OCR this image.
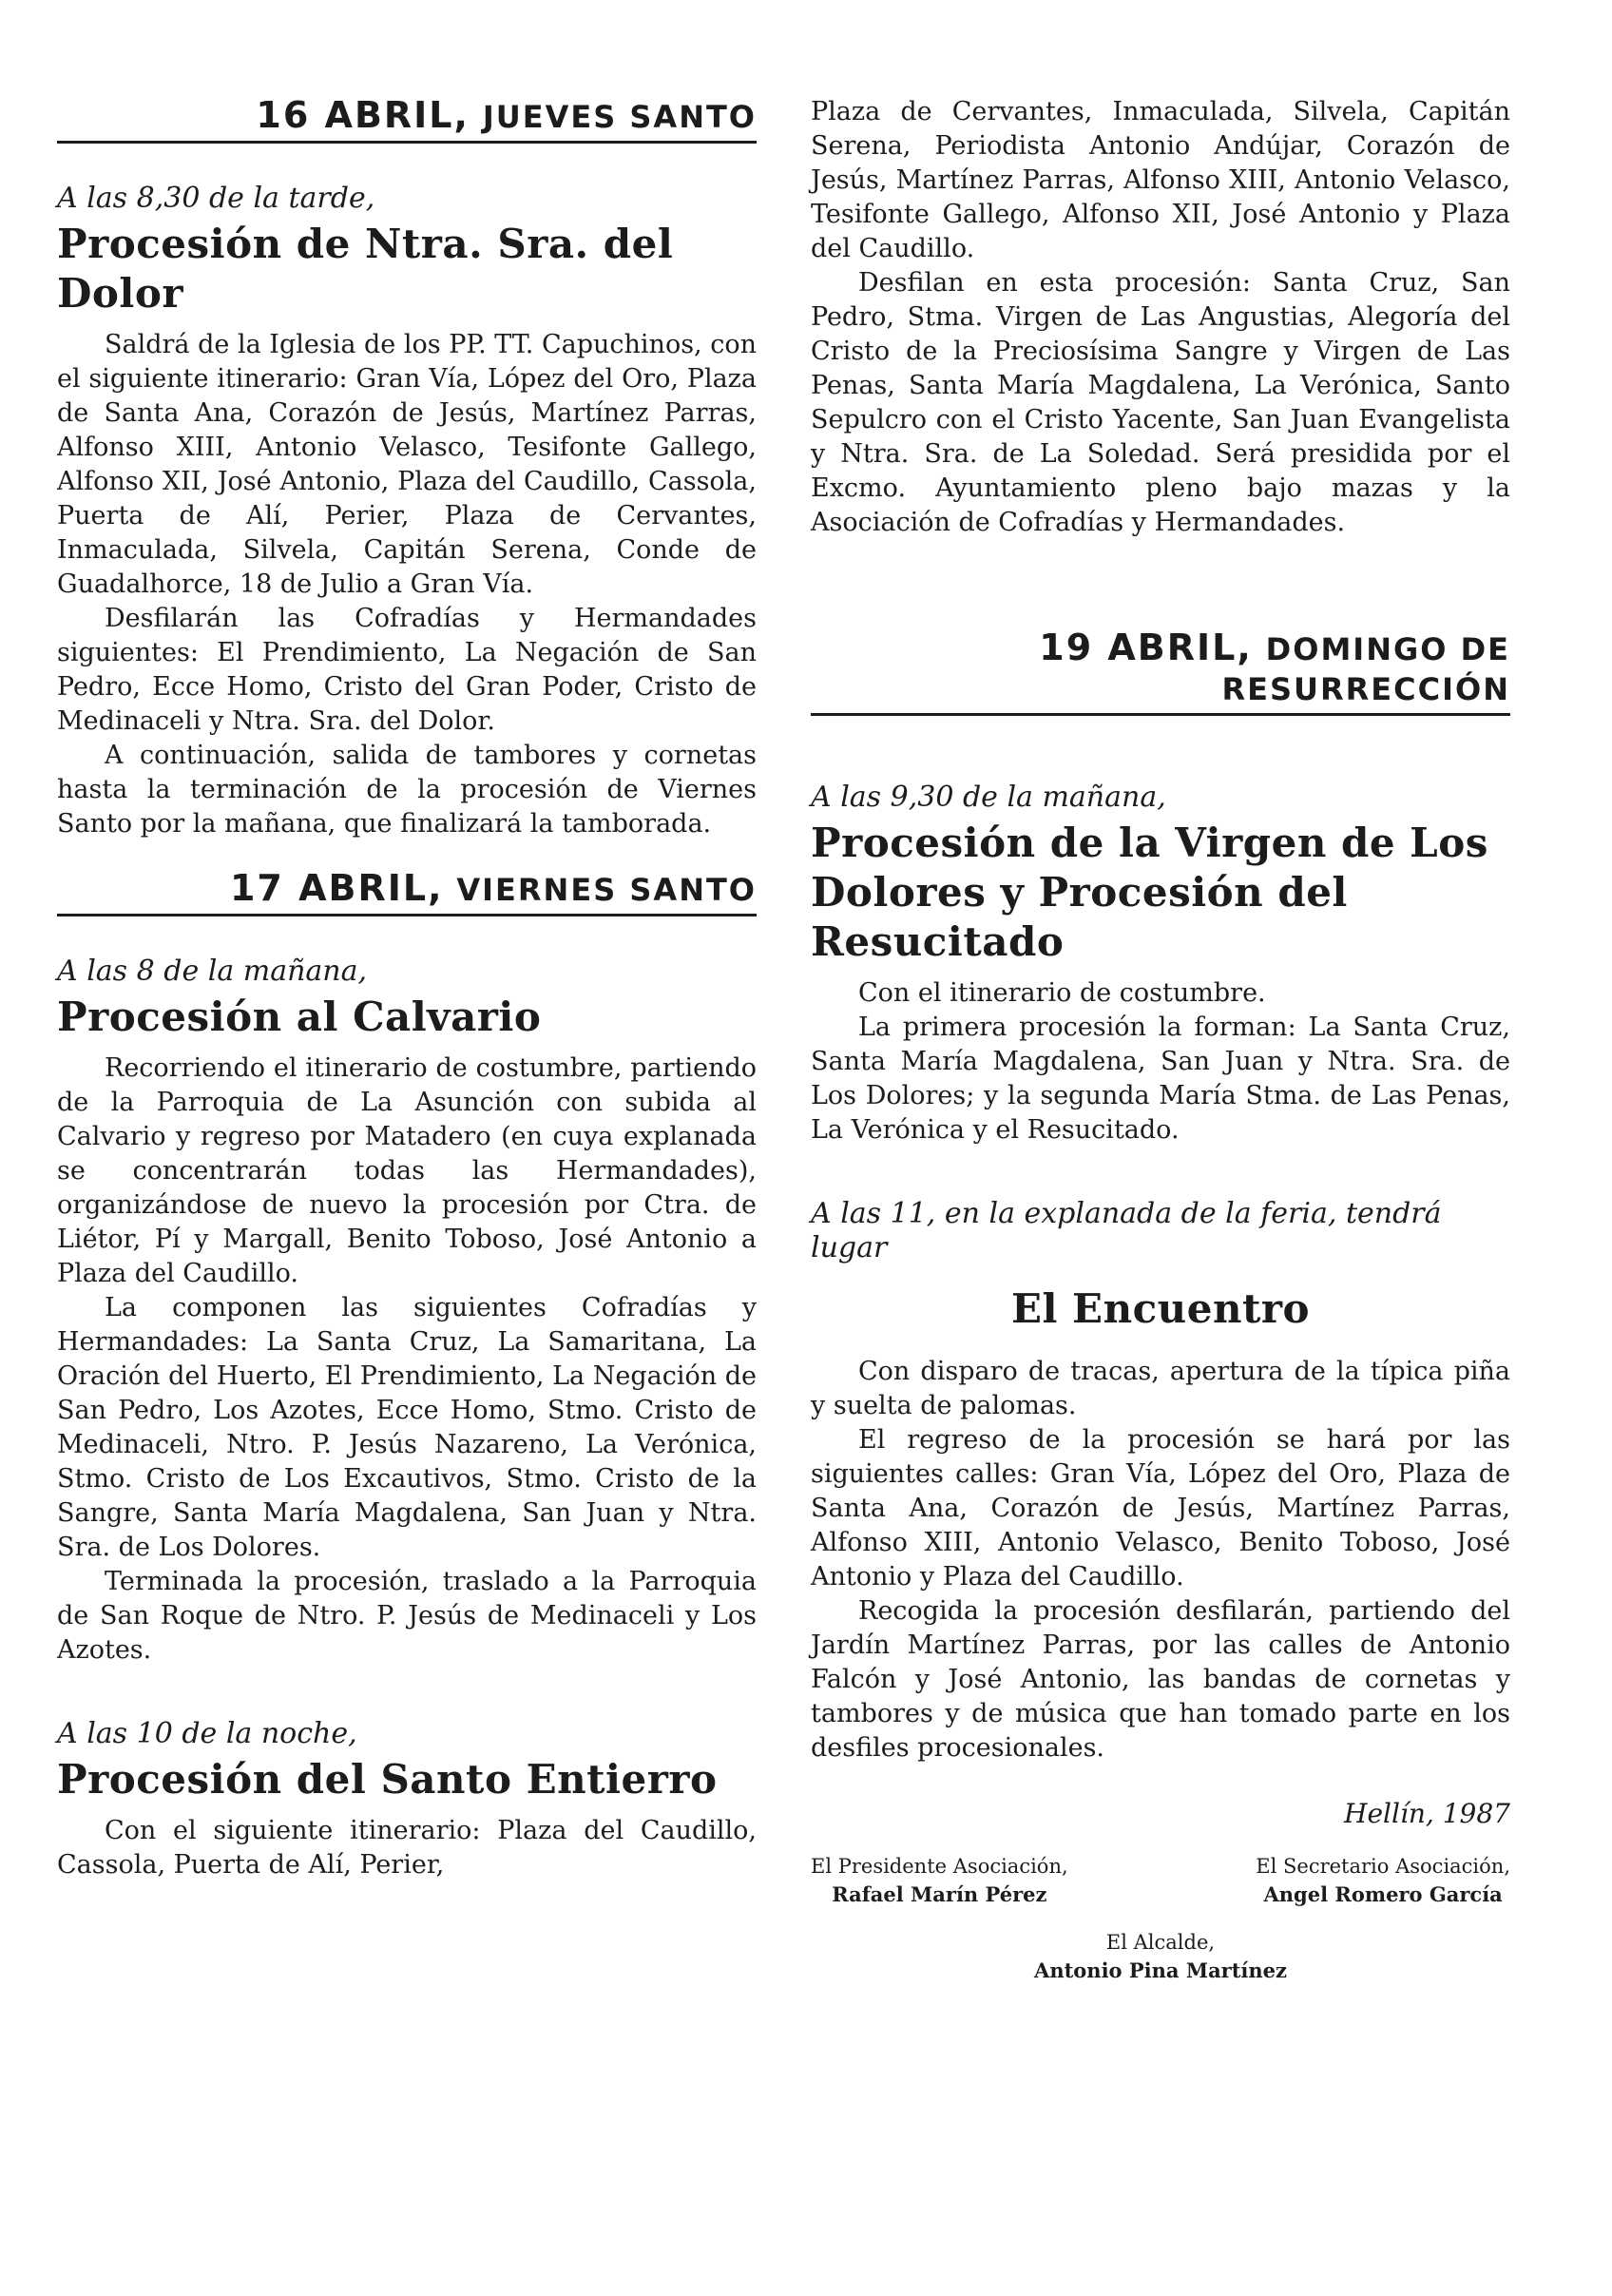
16 ABRIL, JUEVES SANTO

A las 8,30 de la tarde,

Procesión de Ntra. Sra. del Dolor

Saldrá de la Iglesia de los PP. TT. Capuchinos, con el siguiente itinerario: Gran Vía, López del Oro, Plaza de Santa Ana, Corazón de Jesús, Martínez Parras, Alfonso XIII, Antonio Velasco, Tesifonte Gallego, Alfonso XII, José Antonio, Plaza del Caudillo, Cassola, Puerta de Alí, Perier, Plaza de Cervantes, Inmaculada, Silvela, Capitán Serena, Conde de Guadalhorce, 18 de Julio a Gran Vía.

Desfilarán las Cofradías y Hermandades siguientes: El Prendimiento, La Negación de San Pedro, Ecce Homo, Cristo del Gran Poder, Cristo de Medinaceli y Ntra. Sra. del Dolor.

A continuación, salida de tambores y cornetas hasta la terminación de la procesión de Viernes Santo por la mañana, que finalizará la tamborada.

17 ABRIL, VIERNES SANTO

A las 8 de la mañana,

Procesión al Calvario

Recorriendo el itinerario de costumbre, partiendo de la Parroquia de La Asunción con subida al Calvario y regreso por Matadero (en cuya explanada se concentrarán todas las Hermandades), organizándose de nuevo la procesión por Ctra. de Liétor, Pí y Margall, Benito Toboso, José Antonio a Plaza del Caudillo.

La componen las siguientes Cofradías y Hermandades: La Santa Cruz, La Samaritana, La Oración del Huerto, El Prendimiento, La Negación de San Pedro, Los Azotes, Ecce Homo, Stmo. Cristo de Medinaceli, Ntro. P. Jesús Nazareno, La Verónica, Stmo. Cristo de Los Excautivos, Stmo. Cristo de la Sangre, Santa María Magdalena, San Juan y Ntra. Sra. de Los Dolores.

Terminada la procesión, traslado a la Parroquia de San Roque de Ntro. P. Jesús de Medinaceli y Los Azotes.

A las 10 de la noche,

Procesión del Santo Entierro

Con el siguiente itinerario: Plaza del Caudillo, Cassola, Puerta de Alí, Perier,

Plaza de Cervantes, Inmaculada, Silvela, Capitán Serena, Periodista Antonio Andújar, Corazón de Jesús, Martínez Parras, Alfonso XIII, Antonio Velasco, Tesifonte Gallego, Alfonso XII, José Antonio y Plaza del Caudillo.

Desfilan en esta procesión: Santa Cruz, San Pedro, Stma. Virgen de Las Angustias, Alegoría del Cristo de la Preciosísima Sangre y Virgen de Las Penas, Santa María Magdalena, La Verónica, Santo Sepulcro con el Cristo Yacente, San Juan Evangelista y Ntra. Sra. de La Soledad. Será presidida por el Excmo. Ayuntamiento pleno bajo mazas y la Asociación de Cofradías y Hermandades.

19 ABRIL, DOMINGO DE RESURRECCIÓN

A las 9,30 de la mañana,

Procesión de la Virgen de Los Dolores y Procesión del Resucitado

Con el itinerario de costumbre.

La primera procesión la forman: La Santa Cruz, Santa María Magdalena, San Juan y Ntra. Sra. de Los Dolores; y la segunda María Stma. de Las Penas, La Verónica y el Resucitado.

A las 11, en la explanada de la feria, tendrá lugar

El Encuentro

Con disparo de tracas, apertura de la típica piña y suelta de palomas.

El regreso de la procesión se hará por las siguientes calles: Gran Vía, López del Oro, Plaza de Santa Ana, Corazón de Jesús, Martínez Parras, Alfonso XIII, Antonio Velasco, Benito Toboso, José Antonio y Plaza del Caudillo.

Recogida la procesión desfilarán, partiendo del Jardín Martínez Parras, por las calles de Antonio Falcón y José Antonio, las bandas de cornetas y tambores y de música que han tomado parte en los desfiles procesionales.

Hellín, 1987

El Presidente Asociación,
Rafael Marín Pérez
El Secretario Asociación,
Angel Romero García
El Alcalde,
Antonio Pina Martínez
